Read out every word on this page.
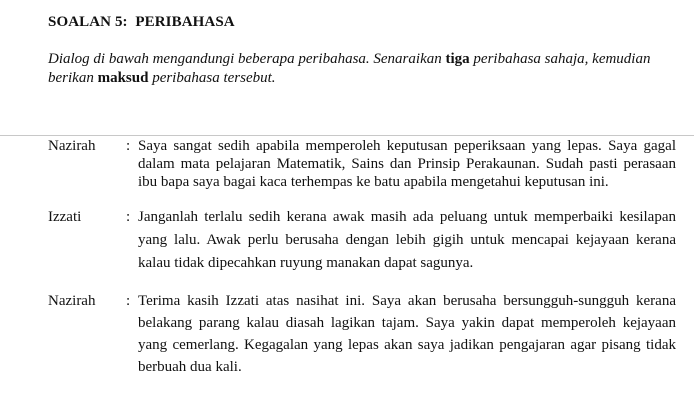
SOALAN 5: PERIBAHASA
Dialog di bawah mengandungi beberapa peribahasa. Senaraikan tiga peribahasa sahaja, kemudian berikan maksud peribahasa tersebut.
Nazirah	: Saya sangat sedih apabila memperoleh keputusan peperiksaan yang lepas. Saya gagal dalam mata pelajaran Matematik, Sains dan Prinsip Perakaunan. Sudah pasti perasaan ibu bapa saya bagai kaca terhempas ke batu apabila mengetahui keputusan ini.
Izzati	: Janganlah terlalu sedih kerana awak masih ada peluang untuk memperbaiki kesilapan yang lalu. Awak perlu berusaha dengan lebih gigih untuk mencapai kejayaan kerana kalau tidak dipecahkan ruyung manakan dapat sagunya.
Nazirah	: Terima kasih Izzati atas nasihat ini. Saya akan berusaha bersungguh-sungguh kerana belakang parang kalau diasah lagikan tajam. Saya yakin dapat memperoleh kejayaan yang cemerlang. Kegagalan yang lepas akan saya jadikan pengajaran agar pisang tidak berbuah dua kali.
